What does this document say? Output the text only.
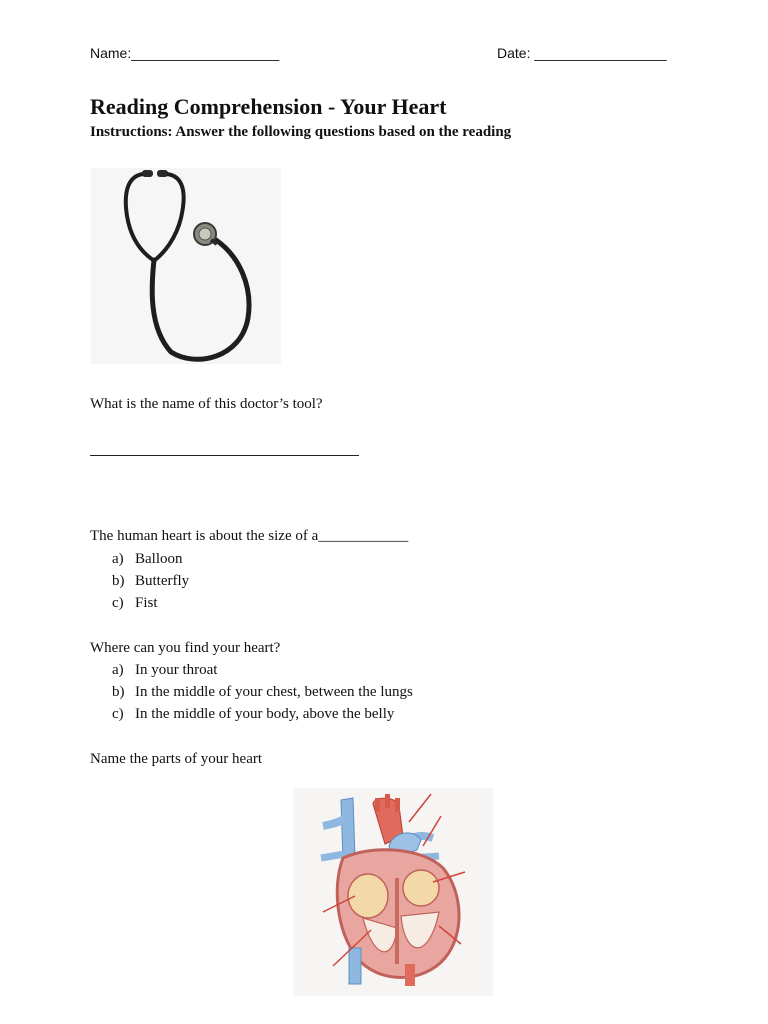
Name:___________________	Date: _________________
Reading Comprehension - Your Heart
Instructions: Answer the following questions based on the reading
What is the name of this doctor’s tool?
The human heart is about the size of a____________
a) Balloon
b) Butterfly
c) Fist
Where can you find your heart?
a) In your throat
b) In the middle of your chest, between the lungs
c) In the middle of your body, above the belly
Name the parts of your heart
